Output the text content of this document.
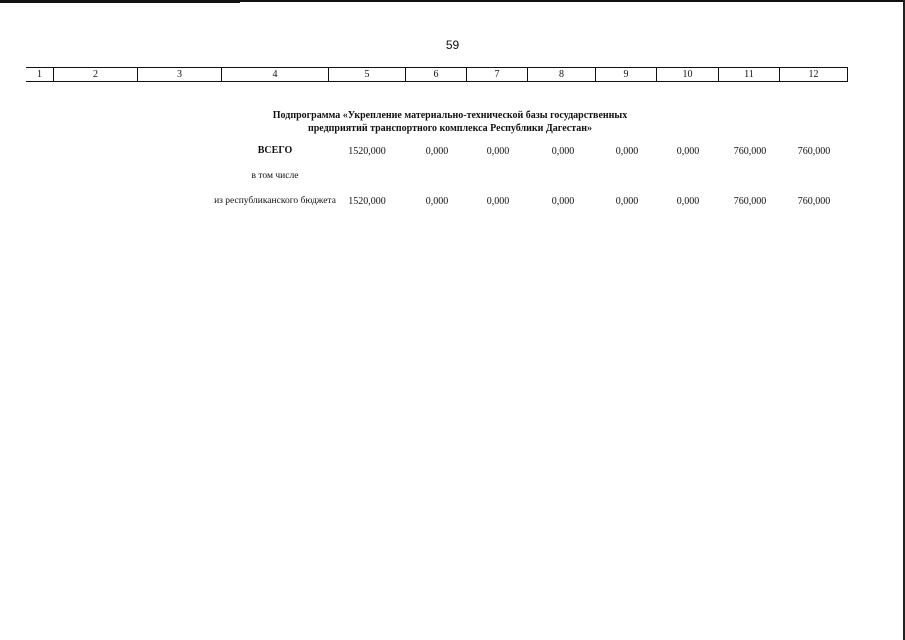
59
1	2	3	4	5	6	7	8	9	10	11	12
Подпрограмма «Укрепление материально-технической базы государственных
предприятий транспортного комплекса Республики Дагестан»
ВСЕГО	1520,000	0,000	0,000	0,000	0,000	0,000	760,000	760,000
в том числе
из республиканского бюджета	1520,000	0,000	0,000	0,000	0,000	0,000	760,000	760,000
